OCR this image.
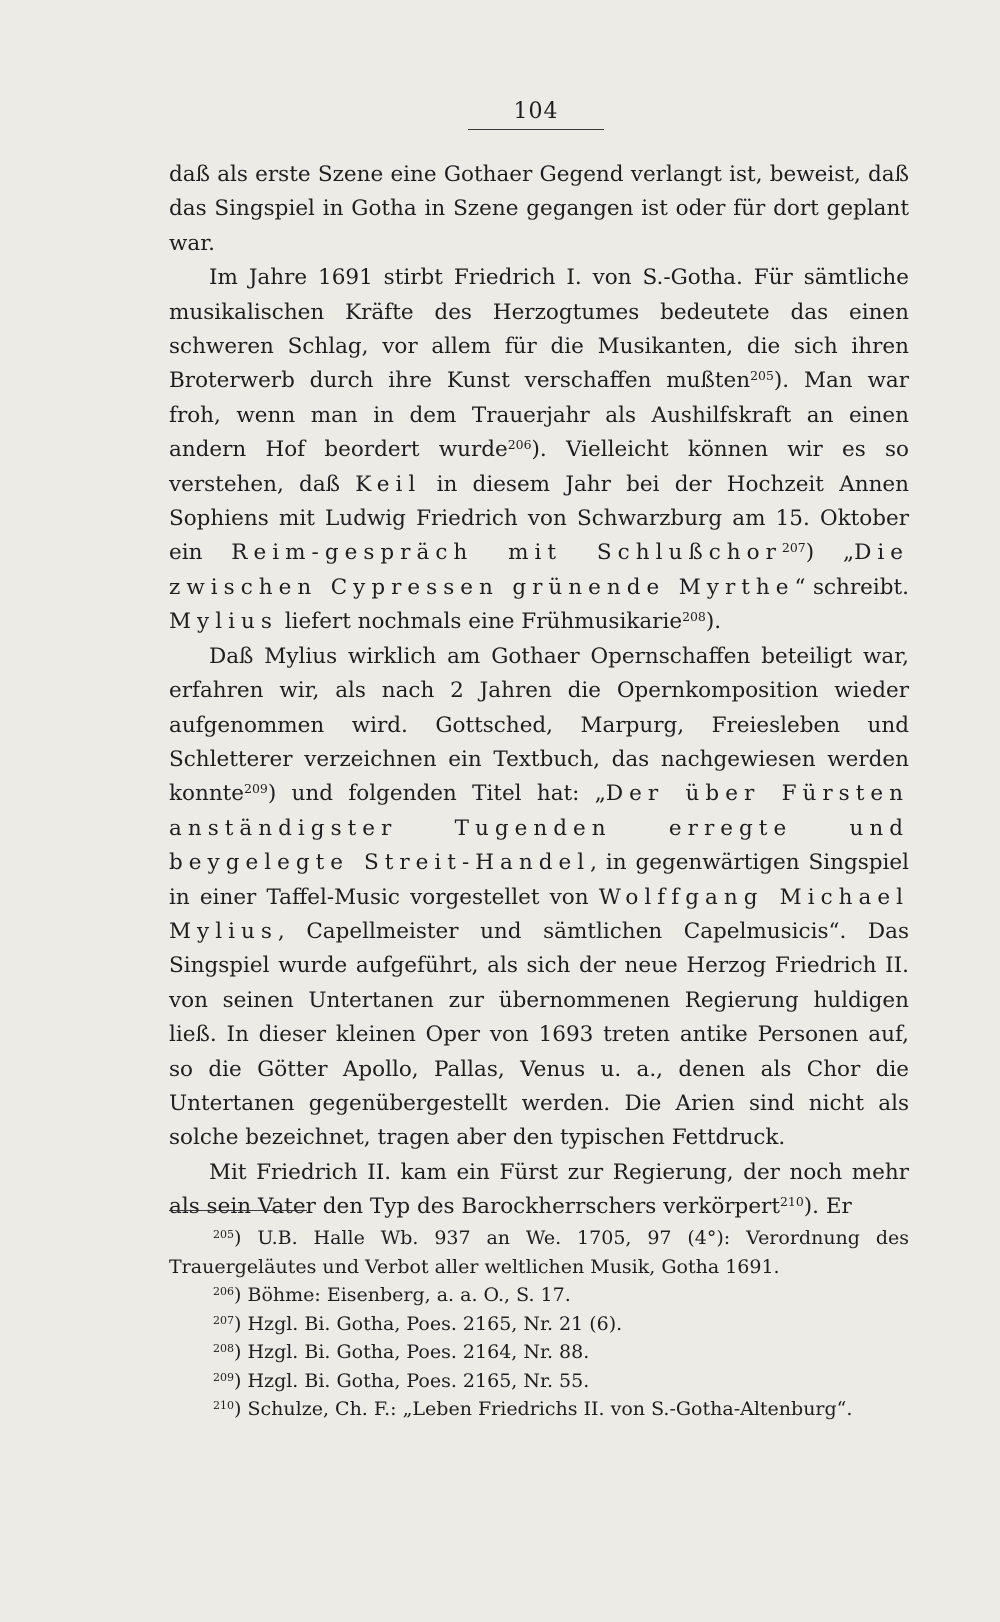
104

daß als erste Szene eine Gothaer Gegend verlangt ist, beweist, daß das Singspiel in Gotha in Szene gegangen ist oder für dort geplant war.

Im Jahre 1691 stirbt Friedrich I. von S.-Gotha. Für sämtliche musikalischen Kräfte des Herzogtumes bedeutete das einen schweren Schlag, vor allem für die Musikanten, die sich ihren Broterwerb durch ihre Kunst verschaffen mußten$^{205}$). Man war froh, wenn man in dem Trauerjahr als Aushilfskraft an einen andern Hof beordert wurde$^{206}$). Vielleicht können wir es so verstehen, daß Keil in diesem Jahr bei der Hochzeit Annen Sophiens mit Ludwig Friedrich von Schwarzburg am 15. Oktober ein Reim-gespräch mit Schlußchor$^{207}$) „Die zwischen Cypressen grünende Myrthe“ schreibt. Mylius liefert nochmals eine Frühmusikarie$^{208}$).

Daß Mylius wirklich am Gothaer Opernschaffen beteiligt war, erfahren wir, als nach 2 Jahren die Opernkomposition wieder aufgenommen wird. Gottsched, Marpurg, Freiesleben und Schletterer verzeichnen ein Textbuch, das nachgewiesen werden konnte$^{209}$) und folgenden Titel hat: „Der über Fürsten anständigster Tugenden erregte und beygelegte Streit-Handel, in gegenwärtigen Singspiel in einer Taffel-Music vorgestellet von Wolffgang Michael Mylius, Capellmeister und sämtlichen Capelmusicis“. Das Singspiel wurde aufgeführt, als sich der neue Herzog Friedrich II. von seinen Untertanen zur übernommenen Regierung huldigen ließ. In dieser kleinen Oper von 1693 treten antike Personen auf, so die Götter Apollo, Pallas, Venus u. a., denen als Chor die Untertanen gegenübergestellt werden. Die Arien sind nicht als solche bezeichnet, tragen aber den typischen Fettdruck.

Mit Friedrich II. kam ein Fürst zur Regierung, der noch mehr als sein Vater den Typ des Barockherrschers verkörpert$^{210}$). Er

$^{205}$) U.B. Halle Wb. 937 an We. 1705, 97 (4°): Verordnung des Trauergeläutes und Verbot aller weltlichen Musik, Gotha 1691.

$^{206}$) Böhme: Eisenberg, a. a. O., S. 17.

$^{207}$) Hzgl. Bi. Gotha, Poes. 2165, Nr. 21 (6).

$^{208}$) Hzgl. Bi. Gotha, Poes. 2164, Nr. 88.

$^{209}$) Hzgl. Bi. Gotha, Poes. 2165, Nr. 55.

$^{210}$) Schulze, Ch. F.: „Leben Friedrichs II. von S.-Gotha-Altenburg“.
